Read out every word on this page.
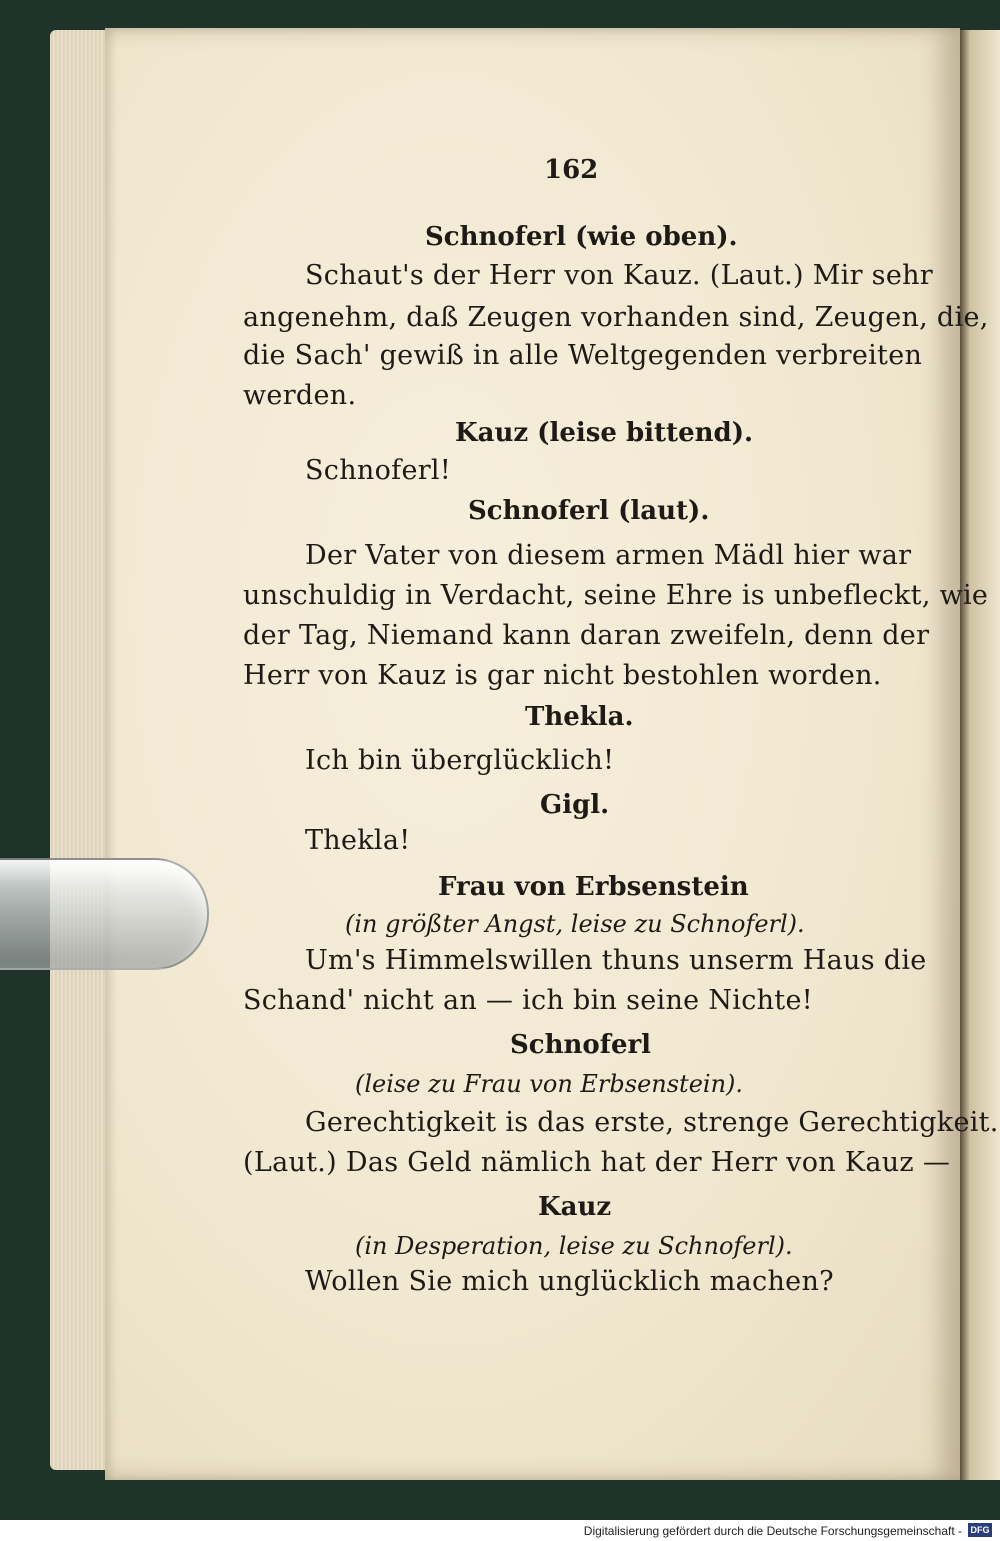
162
Schnoferl (wie oben).
Schaut's der Herr von Kauz. (Laut.) Mir sehr
angenehm, daß Zeugen vorhanden sind, Zeugen, die,
die Sach' gewiß in alle Weltgegenden verbreiten
werden.
Kauz (leise bittend).
Schnoferl!
Schnoferl (laut).
Der Vater von diesem armen Mädl hier war
unschuldig in Verdacht, seine Ehre is unbefleckt, wie
der Tag, Niemand kann daran zweifeln, denn der
Herr von Kauz is gar nicht bestohlen worden.
Thekla.
Ich bin überglücklich!
Gigl.
Thekla!
Frau von Erbsenstein
(in größter Angst, leise zu Schnoferl).
Um's Himmelswillen thuns unserm Haus die
Schand' nicht an — ich bin seine Nichte!
Schnoferl
(leise zu Frau von Erbsenstein).
Gerechtigkeit is das erste, strenge Gerechtigkeit.
(Laut.) Das Geld nämlich hat der Herr von Kauz —
Kauz
(in Desperation, leise zu Schnoferl).
Wollen Sie mich unglücklich machen?
Digitalisierung gefördert durch die Deutsche Forschungsgemeinschaft - DFG
